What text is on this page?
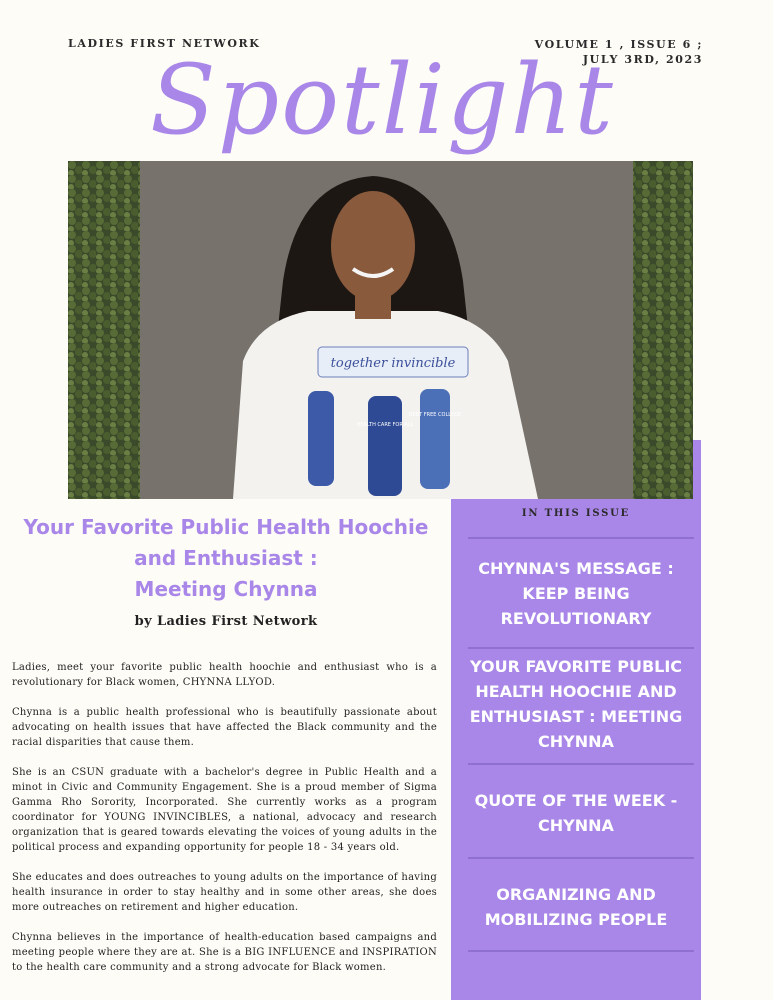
LADIES FIRST NETWORK	VOLUME 1 , ISSUE 6 ;
JULY 3RD, 2023
Spotlight
together invincible
HEALTH CARE FOR ALL
DEBT FREE COLLEGE
Your Favorite Public Health Hoochie
and Enthusiast :
Meeting Chynna
by Ladies First Network

Ladies, meet your favorite public health hoochie and enthusiast who is a revolutionary for Black women, CHYNNA LLYOD.

Chynna is a public health professional who is beautifully passionate about advocating on health issues that have affected the Black community and the racial disparities that cause them.

She is an CSUN graduate with a bachelor's degree in Public Health and a minot in Civic and Community Engagement. She is a proud member of Sigma Gamma Rho Sorority, Incorporated. She currently works as a program coordinator for YOUNG INVINCIBLES, a national, advocacy and research organization that is geared towards elevating the voices of young adults in the political process and expanding opportunity for people 18 - 34 years old.

She educates and does outreaches to young adults on the importance of having health insurance in order to stay healthy and in some other areas, she does more outreaches on retirement and higher education.

Chynna believes in the importance of health-education based campaigns and meeting people where they are at. She is a BIG INFLUENCE and INSPIRATION to the health care community and a strong advocate for Black women.

IN THIS ISSUE
CHYNNA'S MESSAGE : KEEP BEING REVOLUTIONARY
YOUR FAVORITE PUBLIC HEALTH HOOCHIE AND ENTHUSIAST : MEETING CHYNNA
QUOTE OF THE WEEK - CHYNNA
ORGANIZING AND MOBILIZING PEOPLE
